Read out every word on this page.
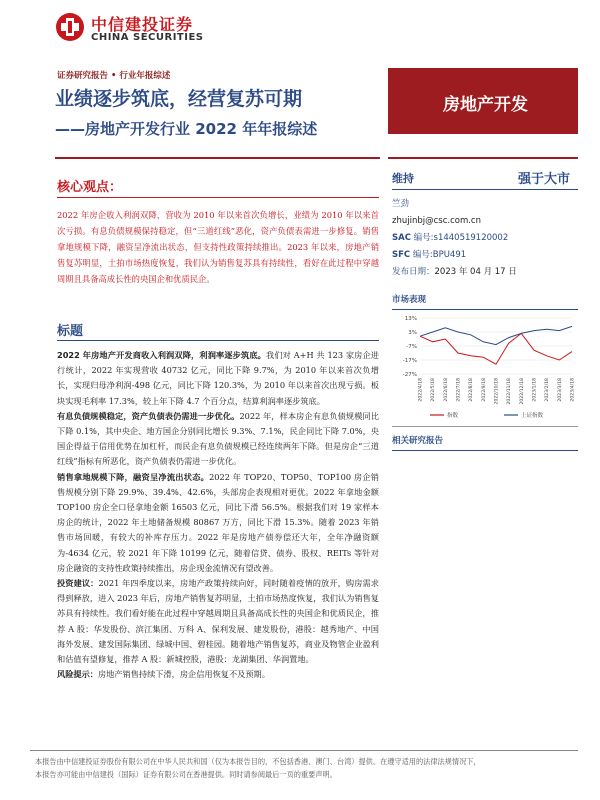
中信建投证券
CHINA SECURITIES
证券研究报告 • 行业年报综述
业绩逐步筑底，经营复苏可期
——房地产开发行业 2022 年年报综述
房地产开发
核心观点：
2022 年房企收入利润双降，营收为 2010 年以来首次负增长，业绩为 2010 年以来首次亏损。有息负债规模保持稳定，但“三道红线”恶化，资产负债表需进一步修复。销售拿地规模下降，融资呈净流出状态，但支持性政策持续推出。2023 年以来，房地产销售复苏明显，土拍市场热度恢复，我们认为销售复苏具有持续性，看好在此过程中穿越周期且具备高成长性的央国企和优质民企。
标题

2022 年房地产开发商收入利润双降，利润率逐步筑底。我们对 A+H 共 123 家房企进行统计，2022 年实现营收 40732 亿元，同比下降 9.7%，为 2010 年以来首次负增长，实现归母净利润-498 亿元，同比下降 120.3%，为 2010 年以来首次出现亏损。板块实现毛利率 17.3%，较上年下降 4.7 个百分点，结算利润率逐步筑底。

有息负债规模稳定，资产负债表仍需进一步优化。2022 年，样本房企有息负债规模同比下降 0.1%，其中央企、地方国企分别同比增长 9.3%、7.1%，民企同比下降 7.0%，央国企得益于信用优势在加杠杆，而民企有息负债规模已经连续两年下降。但是房企“三道红线”指标有所恶化，资产负债表仍需进一步优化。

销售拿地规模下降，融资呈净流出状态。2022 年 TOP20、TOP50、TOP100 房企销售规模分别下降 29.9%、39.4%、42.6%，头部房企表现相对更优。2022 年拿地金额 TOP100 房企全口径拿地金额 16503 亿元，同比下滑 56.5%。根据我们对 19 家样本房企的统计，2022 年土地储备规模 80867 万方，同比下滑 15.3%。随着 2023 年销售市场回暖，有较大的补库存压力。2022 年是房地产债券偿还大年，全年净融资额为-4634 亿元，较 2021 年下降 10199 亿元，随着信贷、债券、股权、REITs 等针对房企融资的支持性政策持续推出，房企现金流情况有望改善。

投资建议：2021 年四季度以来，房地产政策持续向好，同时随着疫情的放开，购房需求得到释放，进入 2023 年后，房地产销售复苏明显，土拍市场热度恢复，我们认为销售复苏具有持续性。我们看好能在此过程中穿越周期且具备高成长性的央国企和优质民企，推荐 A 股：华发股份、滨江集团、万科 A、保利发展、建发股份，港股：越秀地产、中国海外发展、建发国际集团、绿城中国、碧桂园。随着地产销售复苏，商业及物管企业盈利和估值有望修复，推荐 A 股：新城控股，港股：龙湖集团、华润置地。

风险提示：房地产销售持续下滑，房企信用恢复不及预期。

维持	强于大市
竺劲
zhujinbj@csc.com.cn
SAC 编号:s1440519120002
SFC 编号:BPU491
发布日期：2023 年 04 月 17 日
市场表现
13%
3%
-7%
-17%
-27%
2022/4/18 2022/5/18 2022/6/18 2022/7/18 2022/8/18 2022/9/18 2022/10/18 2022/11/18 2022/12/18 2023/1/18 2023/2/18 2023/3/18 2023/4/18
指数	上证指数
相关研究报告
本报告由中信建投证券股份有限公司在中华人民共和国（仅为本报告目的，不包括香港、澳门、台湾）提供。在遵守适用的法律法规情况下，
本报告亦可能由中信建投（国际）证券有限公司在香港提供。同时请参阅最后一页的重要声明。
